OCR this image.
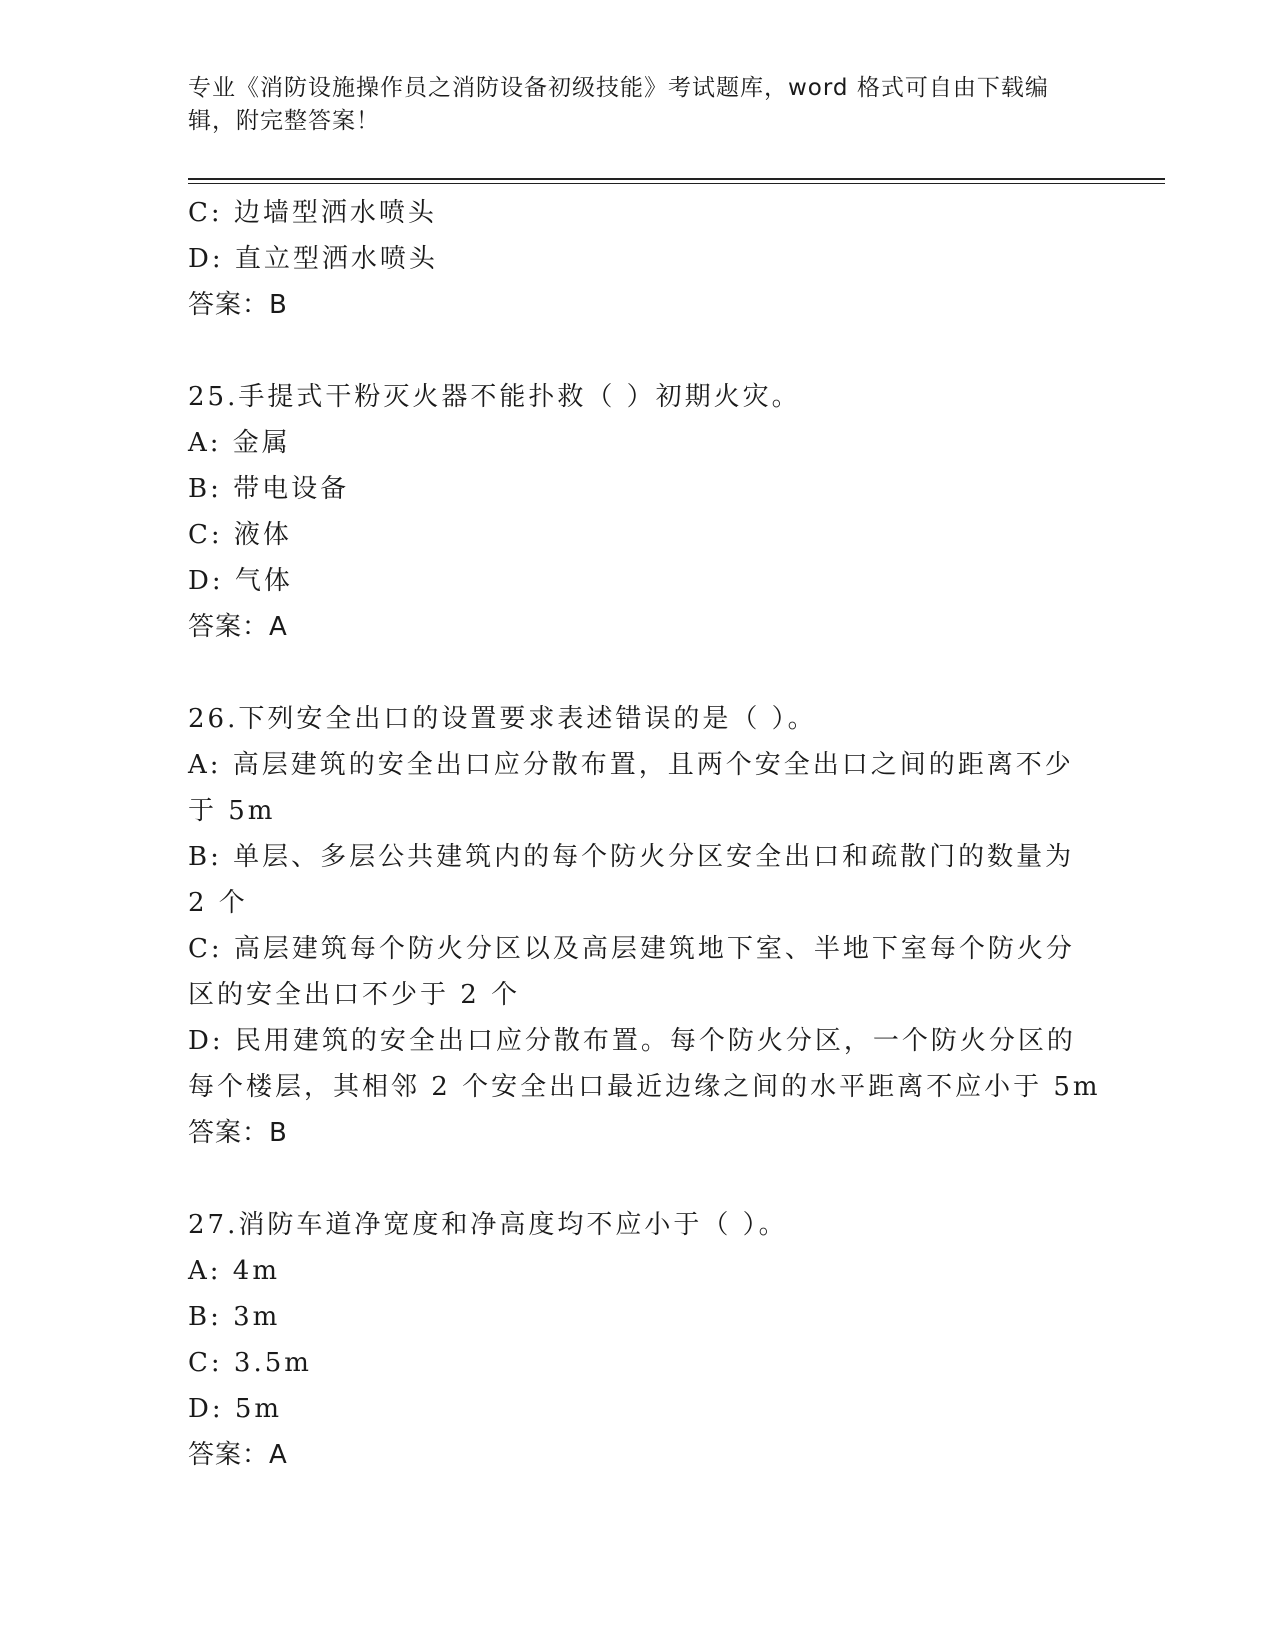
专业《消防设施操作员之消防设备初级技能》考试题库，word 格式可自由下载编
辑，附完整答案！
C: 边墙型洒水喷头
D: 直立型洒水喷头
答案：B
25.手提式干粉灭火器不能扑救（ ）初期火灾。
A: 金属
B: 带电设备
C: 液体
D: 气体
答案：A
26.下列安全出口的设置要求表述错误的是（ ）。
A: 高层建筑的安全出口应分散布置，且两个安全出口之间的距离不少
于 5m
B: 单层、多层公共建筑内的每个防火分区安全出口和疏散门的数量为
2 个
C: 高层建筑每个防火分区以及高层建筑地下室、半地下室每个防火分
区的安全出口不少于 2 个
D: 民用建筑的安全出口应分散布置。每个防火分区，一个防火分区的
每个楼层，其相邻 2 个安全出口最近边缘之间的水平距离不应小于 5m
答案：B
27.消防车道净宽度和净高度均不应小于（ ）。
A: 4m
B: 3m
C: 3.5m
D: 5m
答案：A
